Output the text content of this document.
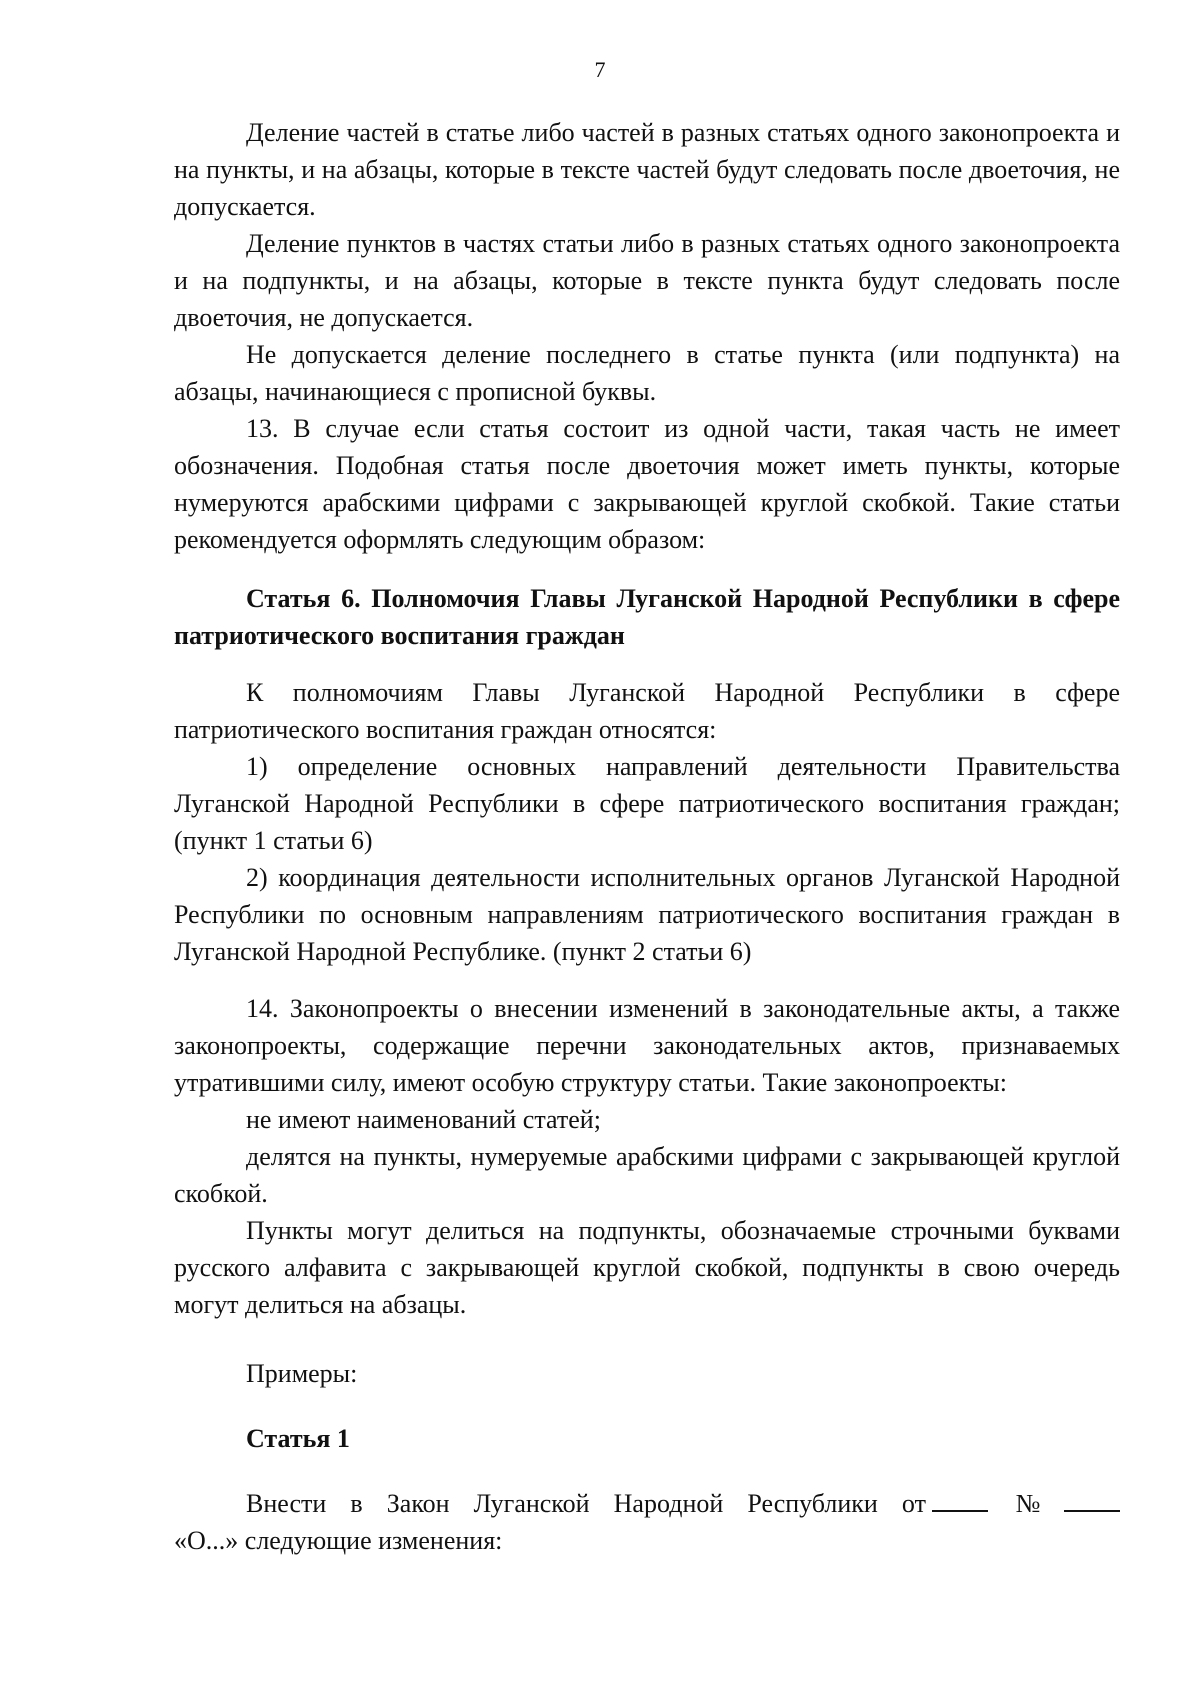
7

Деление частей в статье либо частей в разных статьях одного законопроекта и на пункты, и на абзацы, которые в тексте частей будут следовать после двоеточия, не допускается.

Деление пунктов в частях статьи либо в разных статьях одного законопроекта и на подпункты, и на абзацы, которые в тексте пункта будут следовать после двоеточия, не допускается.

Не допускается деление последнего в статье пункта (или подпункта) на абзацы, начинающиеся с прописной буквы.

13. В случае если статья состоит из одной части, такая часть не имеет обозначения. Подобная статья после двоеточия может иметь пункты, которые нумеруются арабскими цифрами с закрывающей круглой скобкой. Такие статьи рекомендуется оформлять следующим образом:

Статья 6. Полномочия Главы Луганской Народной Республики в сфере патриотического воспитания граждан

К полномочиям Главы Луганской Народной Республики в сфере патриотического воспитания граждан относятся:

1) определение основных направлений деятельности Правительства Луганской Народной Республики в сфере патриотического воспитания граждан; (пункт 1 статьи 6)

2) координация деятельности исполнительных органов Луганской Народной Республики по основным направлениям патриотического воспитания граждан в Луганской Народной Республике. (пункт 2 статьи 6)

14. Законопроекты о внесении изменений в законодательные акты, а также законопроекты, содержащие перечни законодательных актов, признаваемых утратившими силу, имеют особую структуру статьи. Такие законопроекты:

не имеют наименований статей;

делятся на пункты, нумеруемые арабскими цифрами с закрывающей круглой скобкой.

Пункты могут делиться на подпункты, обозначаемые строчными буквами русского алфавита с закрывающей круглой скобкой, подпункты в свою очередь могут делиться на абзацы.

Примеры:

Статья 1

Внести в Закон Луганской Народной Республики от	№

«О...» следующие изменения:
